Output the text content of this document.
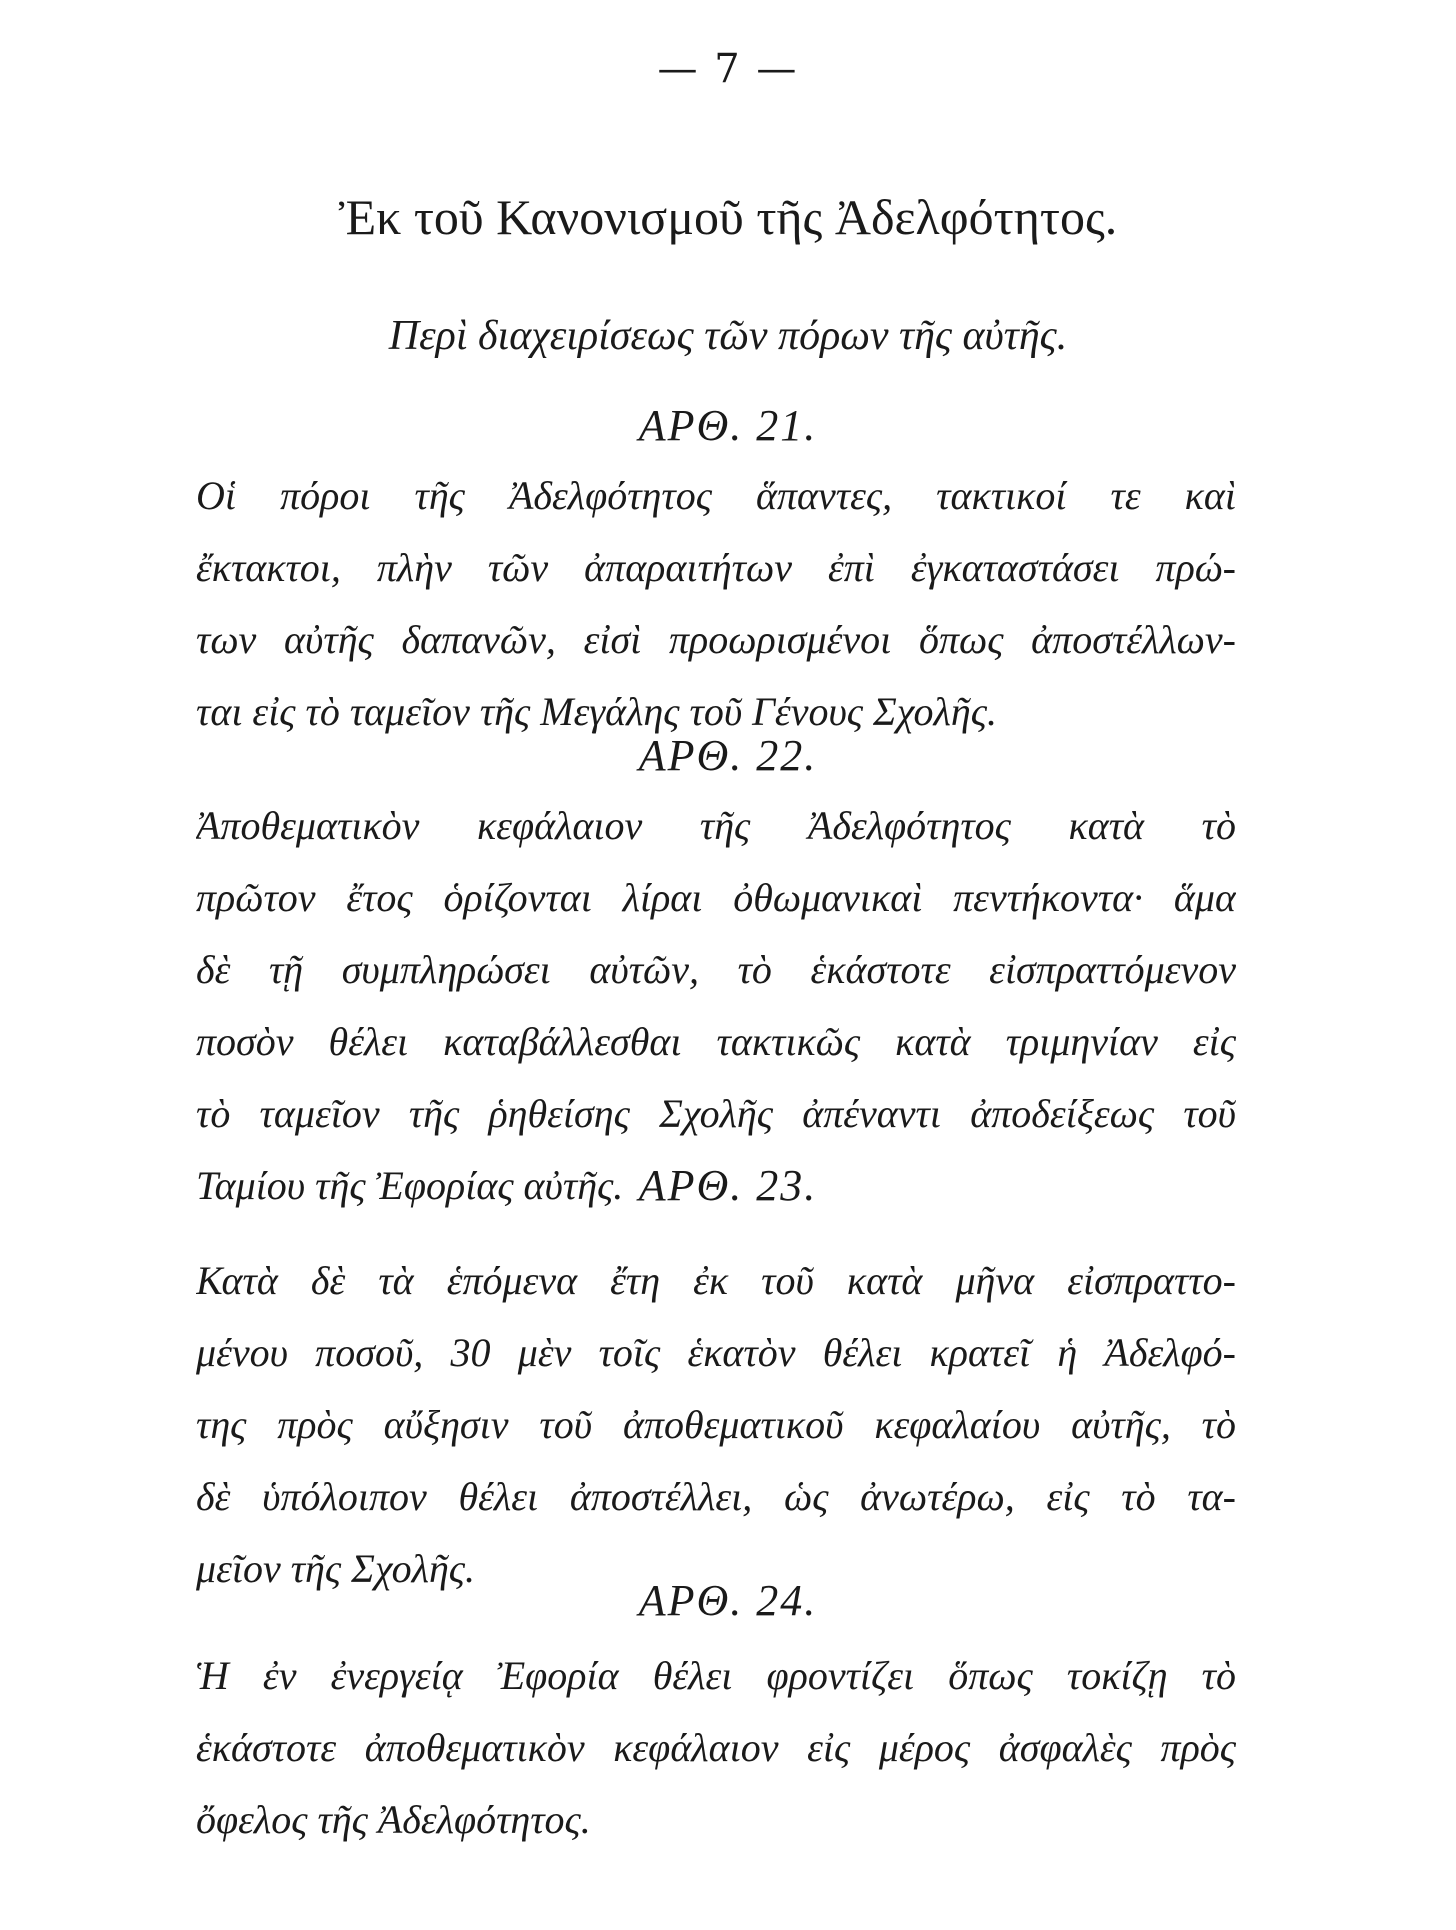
— 7 —
Ἐκ τοῦ Κανονισμοῦ τῆς Ἀδελφότητος.
Περὶ διαχειρίσεως τῶν πόρων τῆς αὐτῆς.
ΑΡΘ. 21.
Οἱ πόροι τῆς Ἀδελφότητος ἅπαντες, τακτικοί τε καὶ
ἔκτακτοι, πλὴν τῶν ἀπαραιτήτων ἐπὶ ἐγκαταστάσει πρώ-
των αὐτῆς δαπανῶν, εἰσὶ προωρισμένοι ὅπως ἀποστέλλων-
ται εἰς τὸ ταμεῖον τῆς Μεγάλης τοῦ Γένους Σχολῆς.
ΑΡΘ. 22.
Ἀποθεματικὸν κεφάλαιον τῆς Ἀδελφότητος κατὰ τὸ
πρῶτον ἔτος ὁρίζονται λίραι ὀθωμανικαὶ πεντήκοντα· ἅμα
δὲ τῇ συμπληρώσει αὐτῶν, τὸ ἑκάστοτε εἰσπραττόμενον
ποσὸν θέλει καταβάλλεσθαι τακτικῶς κατὰ τριμηνίαν εἰς
τὸ ταμεῖον τῆς ῥηθείσης Σχολῆς ἀπέναντι ἀποδείξεως τοῦ
Ταμίου τῆς Ἐφορίας αὐτῆς. ΑΡΘ. 23.
Κατὰ δὲ τὰ ἑπόμενα ἔτη ἐκ τοῦ κατὰ μῆνα εἰσπραττο-
μένου ποσοῦ, 30 μὲν τοῖς ἑκατὸν θέλει κρατεῖ ἡ Ἀδελφό-
της πρὸς αὔξησιν τοῦ ἀποθεματικοῦ κεφαλαίου αὐτῆς, τὸ
δὲ ὑπόλοιπον θέλει ἀποστέλλει, ὡς ἀνωτέρω, εἰς τὸ τα-
μεῖον τῆς Σχολῆς.
ΑΡΘ. 24.
Ἡ ἐν ἐνεργείᾳ Ἐφορία θέλει φροντίζει ὅπως τοκίζῃ τὸ
ἑκάστοτε ἀποθεματικὸν κεφάλαιον εἰς μέρος ἀσφαλὲς πρὸς
ὄφελος τῆς Ἀδελφότητος.
